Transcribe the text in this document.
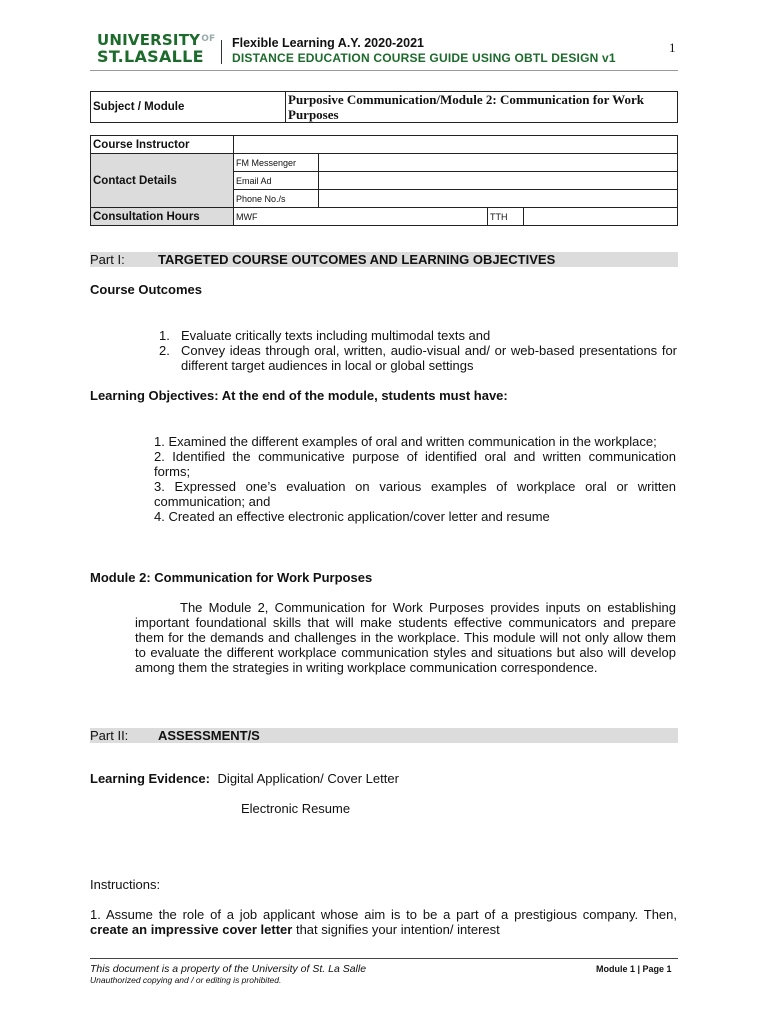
$UNIVERSITY^{OF}$
ST.LASALLE
Flexible Learning A.Y. 2020-2021
DISTANCE EDUCATION COURSE GUIDE USING OBTL DESIGN v1
1
Subject / Module	Purposive Communication/Module 2: Communication for Work Purposes
Course Instructor				
Contact Details	FM Messenger			
	Email Ad			
	Phone No./s			
Consultation Hours	MWF		TTH	
Part I:	TARGETED COURSE OUTCOMES AND LEARNING OBJECTIVES
Course Outcomes
1. Evaluate critically texts including multimodal texts and
2. Convey ideas through oral, written, audio-visual and/ or web-based presentations for different target audiences in local or global settings
Learning Objectives: At the end of the module, students must have:
1. Examined the different examples of oral and written communication in the workplace;
2. Identified the communicative purpose of identified oral and written communication forms;
3. Expressed one’s evaluation on various examples of workplace oral or written communication; and
4. Created an effective electronic application/cover letter and resume
Module 2: Communication for Work Purposes
The Module 2, Communication for Work Purposes provides inputs on establishing important foundational skills that will make students effective communicators and prepare them for the demands and challenges in the workplace. This module will not only allow them to evaluate the different workplace communication styles and situations but also will develop among them the strategies in writing workplace communication correspondence.
Part II: ASSESSMENT/S
Learning Evidence: Digital Application/ Cover Letter
Electronic Resume
Instructions:
1. Assume the role of a job applicant whose aim is to be a part of a prestigious company. Then, create an impressive cover letter that signifies your intention/ interest
This document is a property of the University of St. La Salle
Unauthorized copying and / or editing is prohibited.
Module 1 | Page 1
